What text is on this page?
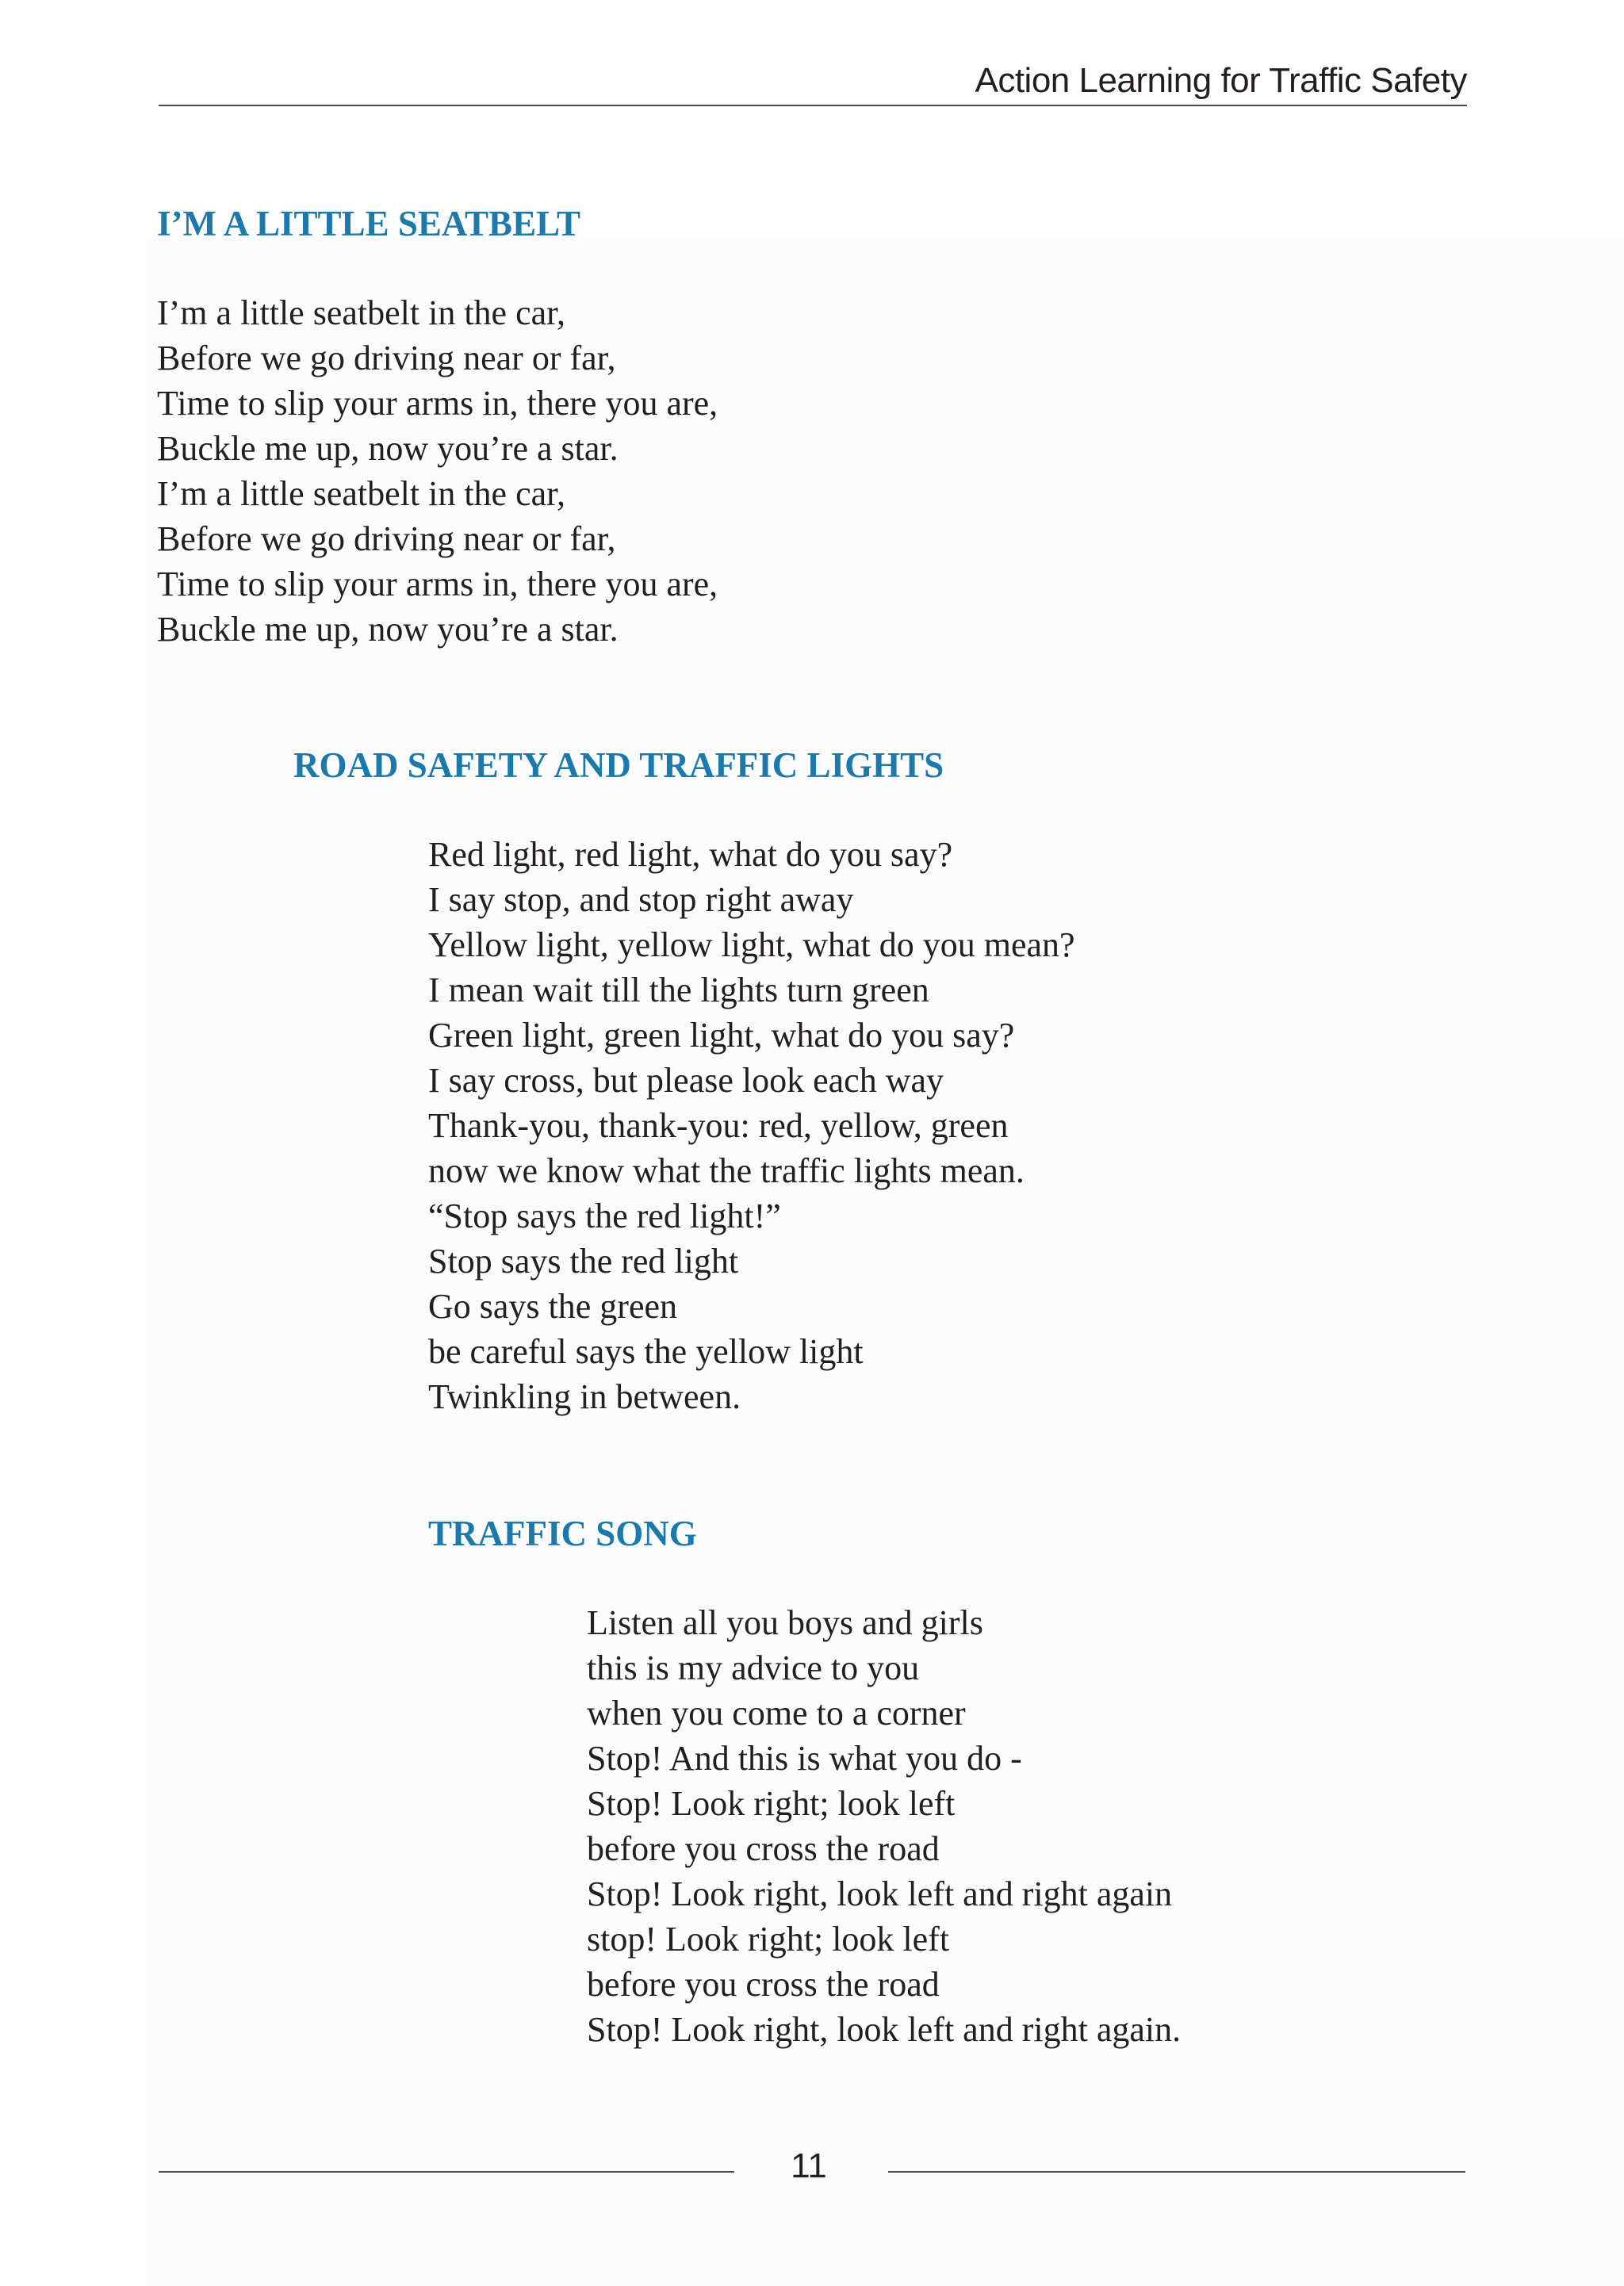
Action Learning for Traffic Safety
I’M A LITTLE SEATBELT
I’m a little seatbelt in the car,
Before we go driving near or far,
Time to slip your arms in, there you are,
Buckle me up, now you’re a star.
I’m a little seatbelt in the car,
Before we go driving near or far,
Time to slip your arms in, there you are,
Buckle me up, now you’re a star.
ROAD SAFETY AND TRAFFIC LIGHTS
Red light, red light, what do you say?
I say stop, and stop right away
Yellow light, yellow light, what do you mean?
I mean wait till the lights turn green
Green light, green light, what do you say?
I say cross, but please look each way
Thank-you, thank-you: red, yellow, green
now we know what the traffic lights mean.
“Stop says the red light!”
Stop says the red light
Go says the green
be careful says the yellow light
Twinkling in between.
TRAFFIC SONG
Listen all you boys and girls
this is my advice to you
when you come to a corner
Stop! And this is what you do -
Stop! Look right; look left
before you cross the road
Stop! Look right, look left and right again
stop! Look right; look left
before you cross the road
Stop! Look right, look left and right again.
11
